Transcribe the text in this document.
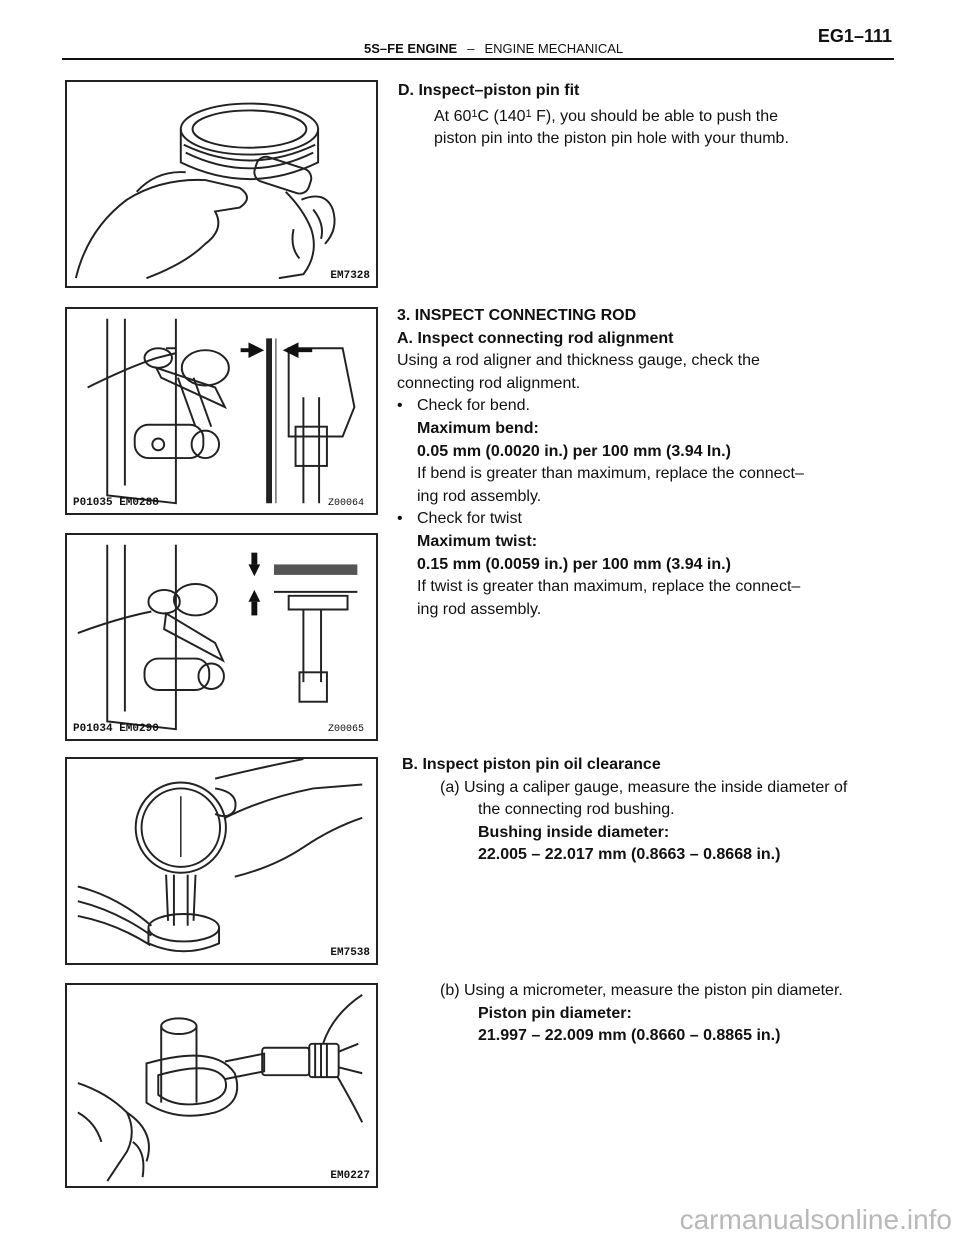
5S–FE ENGINE – ENGINE MECHANICAL
EG1–111
EM7328
P01035 EM0288	Z00064
P01034 EM0290	Z00065
EM7538
EM0227
D. Inspect–piston pin fit
At $60^1C$ ($140^1$ F), you should be able to push the
piston pin into the piston pin hole with your thumb.
3. INSPECT CONNECTING ROD
A. Inspect connecting rod alignment
Using a rod aligner and thickness gauge, check the
connecting rod alignment.
• Check for bend.
Maximum bend:
0.05 mm (0.0020 in.) per 100 mm (3.94 In.)
If bend is greater than maximum, replace the connect–
ing rod assembly.
• Check for twist
Maximum twist:
0.15 mm (0.0059 in.) per 100 mm (3.94 in.)
If twist is greater than maximum, replace the connect–
ing rod assembly.
B. Inspect piston pin oil clearance
(a) Using a caliper gauge, measure the inside diameter of
the connecting rod bushing.
Bushing inside diameter:
22.005 – 22.017 mm (0.8663 – 0.8668 in.)
(b) Using a micrometer, measure the piston pin diameter.
Piston pin diameter:
21.997 – 22.009 mm (0.8660 – 0.8865 in.)
carmanualsonline.info
